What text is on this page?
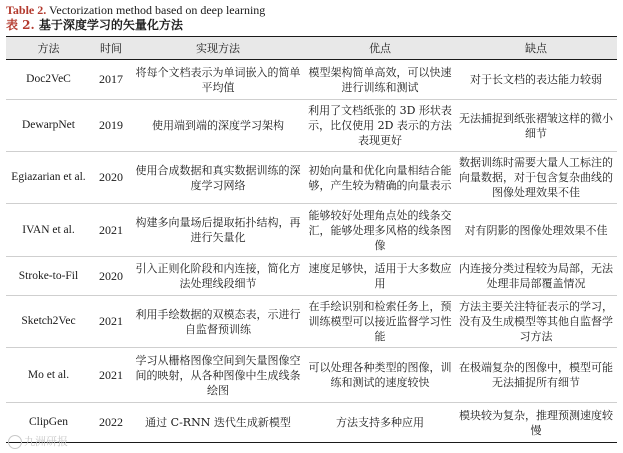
Table 2. Vectorization method based on deep learning
表 2. 基于深度学习的矢量化方法
方法	时间	实现方法	优点	缺点
Doc2VeC	2017	将每个文档表示为单词嵌入的简单平均值	模型架构简单高效，可以快速进行训练和测试	对于长文档的表达能力较弱
DewarpNet	2019	使用端到端的深度学习架构	利用了文档纸张的 3D 形状表示，比仅使用 2D 表示的方法表现更好	无法捕捉到纸张褶皱这样的微小细节
Egiazarian et al.	2020	使用合成数据和真实数据训练的深度学习网络	初始向量和优化向量相结合能够，产生较为精确的向量表示	数据训练时需要大量人工标注的向量数据，对于包含复杂曲线的图像处理效果不佳
IVAN et al.	2021	构建多向量场后提取拓扑结构，再进行矢量化	能够较好处理角点处的线条交汇，能够处理多风格的线条图像	对有阴影的图像处理效果不佳
Stroke-to-Fil	2020	引入正则化阶段和内连接，简化方法处理线段细节	速度足够快，适用于大多数应用	内连接分类过程较为局部，无法处理非局部覆盖情况
Sketch2Vec	2021	利用手绘数据的双模态表，示进行自监督预训练	在手绘识别和检索任务上，预训练模型可以接近监督学习性能	方法主要关注特征表示的学习，没有及生成模型等其他自监督学习方法
Mo et al.	2021	学习从栅格图像空间到矢量图像空间的映射，从各种图像中生成线条绘图	可以处理各种类型的图像，训练和测试的速度较快	在极端复杂的图像中，模型可能无法捕捉所有细节
ClipGen	2022	通过 C-RNN 迭代生成新模型	方法支持多种应用	模块较为复杂，推理预测速度较慢
九洲研报
